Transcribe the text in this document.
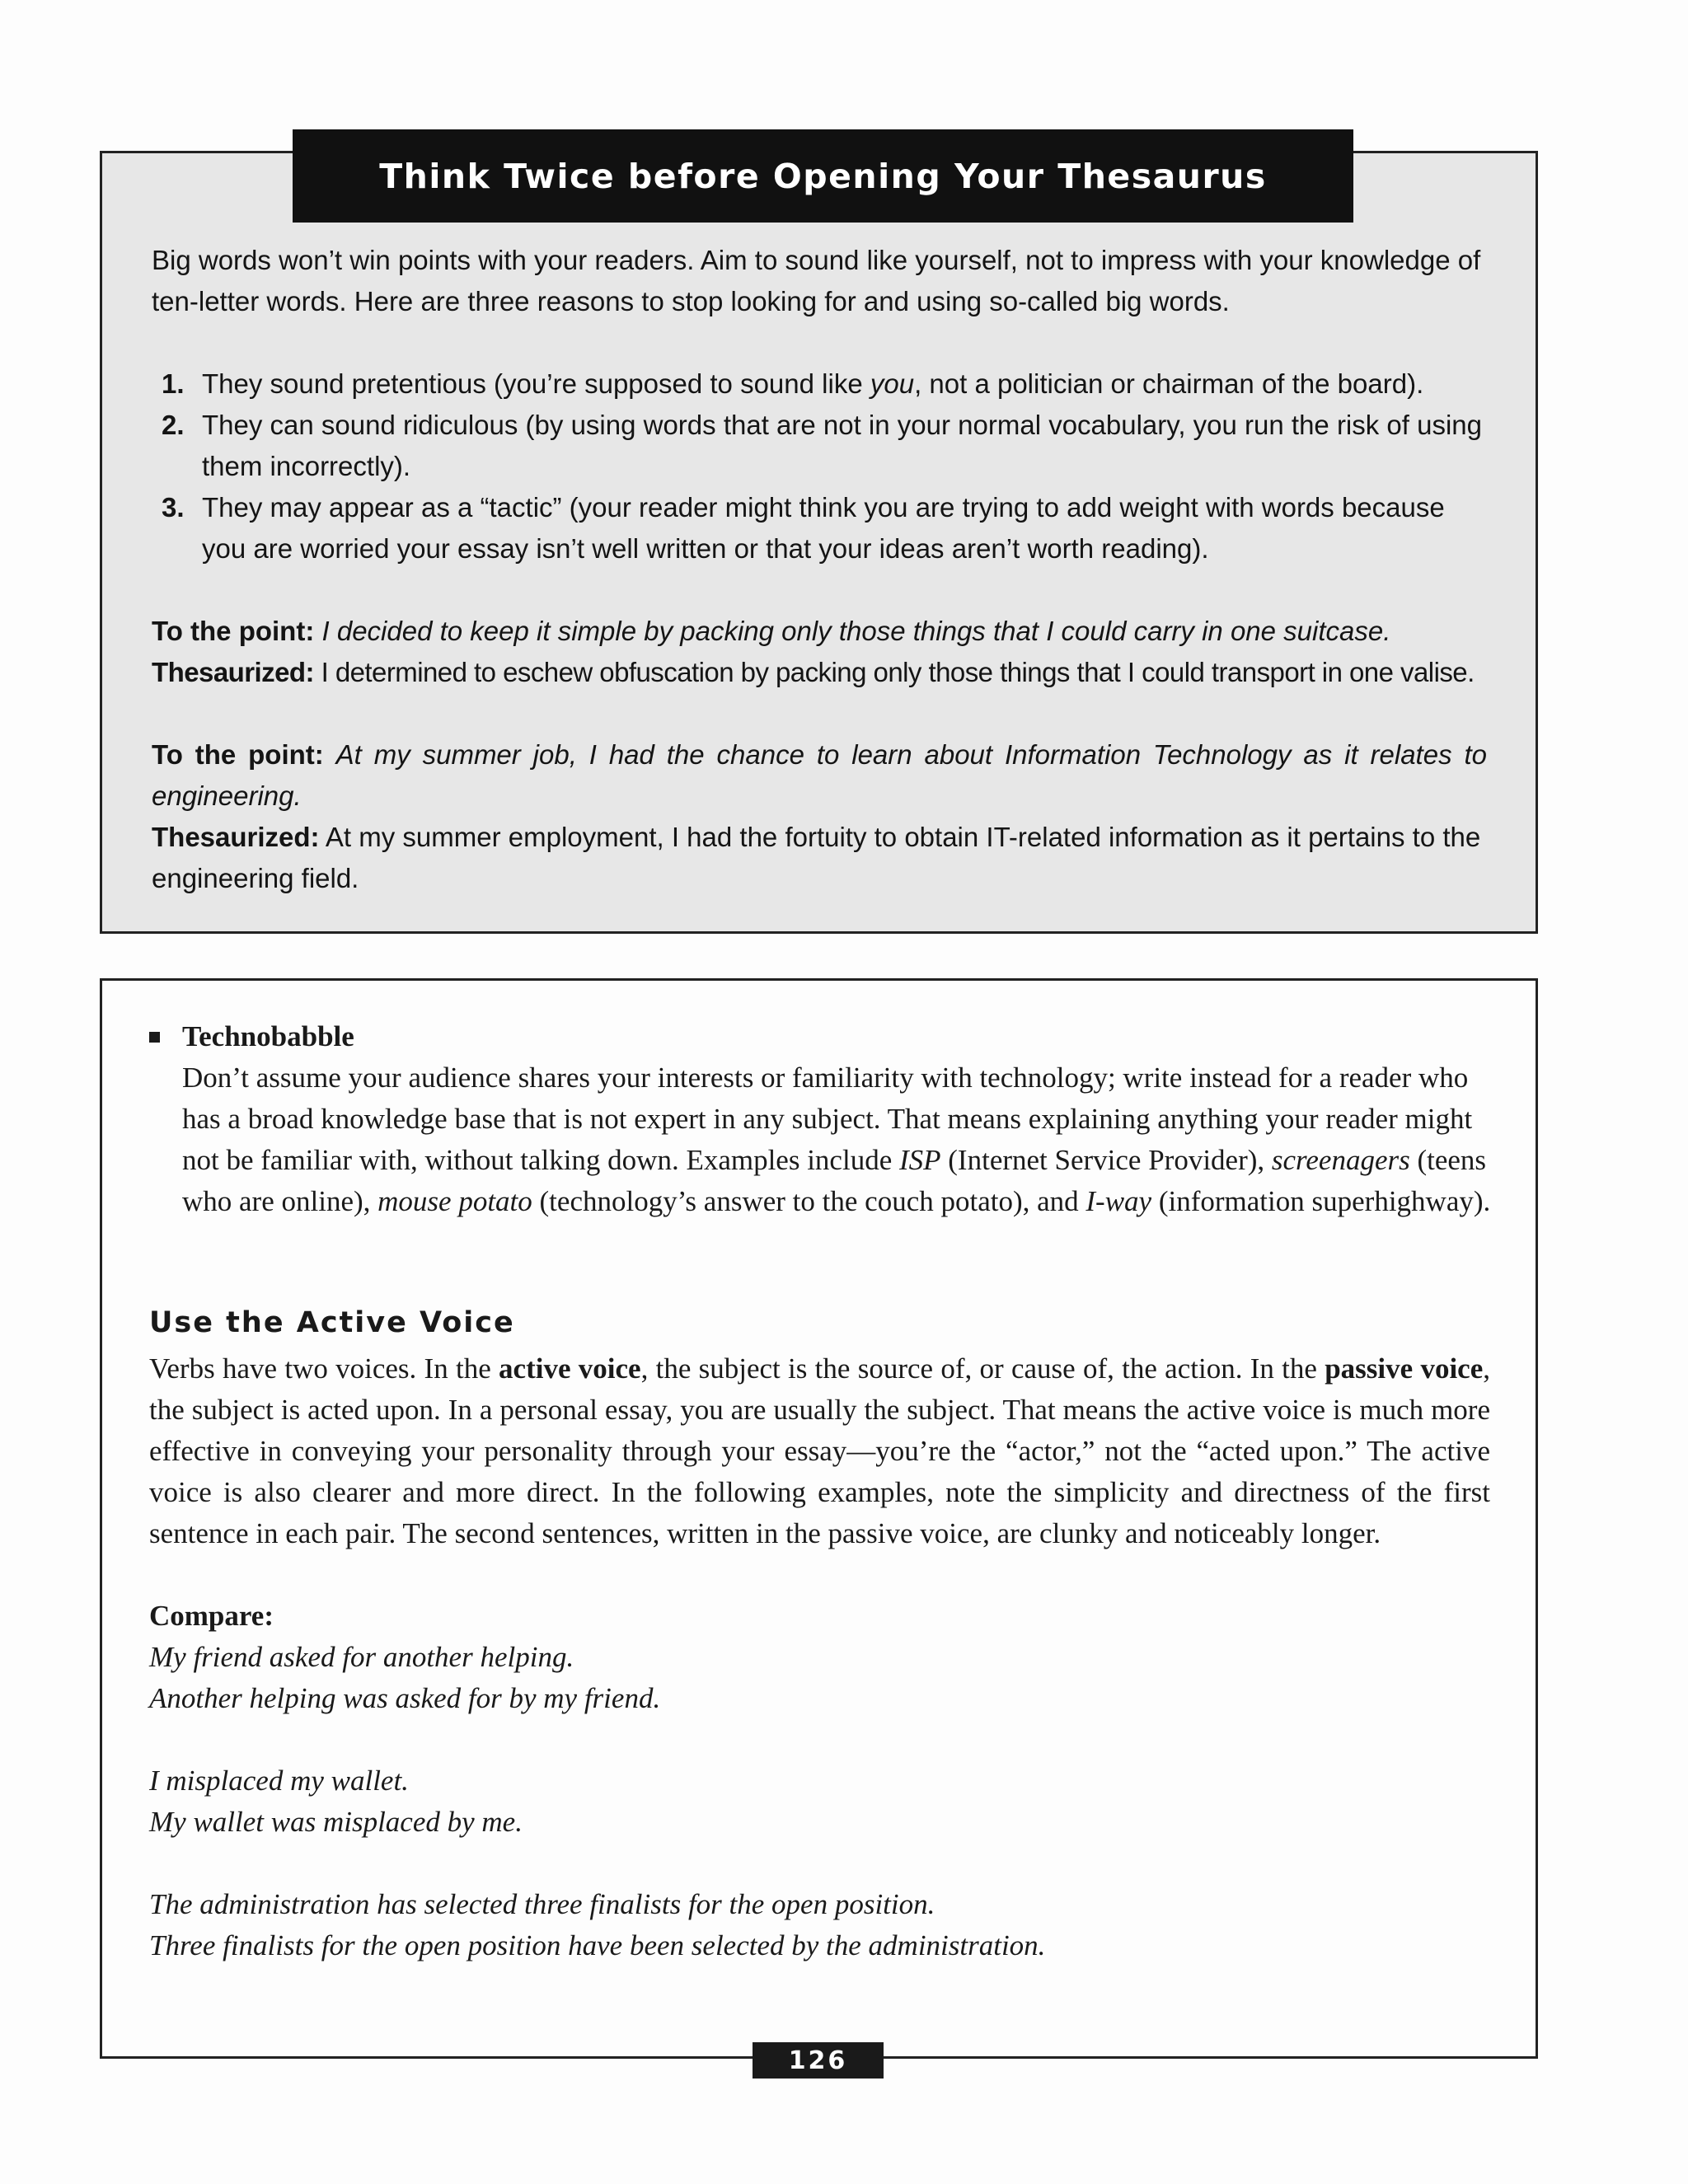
Think Twice before Opening Your Thesaurus
Big words won’t win points with your readers. Aim to sound like yourself, not to impress with your knowledge of ten-letter words. Here are three reasons to stop looking for and using so-called big words.
1. They sound pretentious (you’re supposed to sound like you, not a politician or chairman of the board).
2. They can sound ridiculous (by using words that are not in your normal vocabulary, you run the risk of using them incorrectly).
3. They may appear as a “tactic” (your reader might think you are trying to add weight with words because you are worried your essay isn’t well written or that your ideas aren’t worth reading).
To the point: I decided to keep it simple by packing only those things that I could carry in one suitcase.
Thesaurized: I determined to eschew obfuscation by packing only those things that I could transport in one valise.
To the point: At my summer job, I had the chance to learn about Information Technology as it relates to engineering.
Thesaurized: At my summer employment, I had the fortuity to obtain IT-related information as it pertains to the engineering field.
Technobabble
Don’t assume your audience shares your interests or familiarity with technology; write instead for a reader who has a broad knowledge base that is not expert in any subject. That means explaining anything your reader might not be familiar with, without talking down. Examples include ISP (Internet Service Provider), screenagers (teens who are online), mouse potato (technology’s answer to the couch potato), and I-way (information superhighway).
Use the Active Voice
Verbs have two voices. In the active voice, the subject is the source of, or cause of, the action. In the passive voice, the subject is acted upon. In a personal essay, you are usually the subject. That means the active voice is much more effective in conveying your personality through your essay—you’re the “actor,” not the “acted upon.” The active voice is also clearer and more direct. In the following examples, note the simplicity and directness of the first sentence in each pair. The second sentences, written in the passive voice, are clunky and noticeably longer.
Compare:
My friend asked for another helping.
Another helping was asked for by my friend.
I misplaced my wallet.
My wallet was misplaced by me.
The administration has selected three finalists for the open position.
Three finalists for the open position have been selected by the administration.
126
